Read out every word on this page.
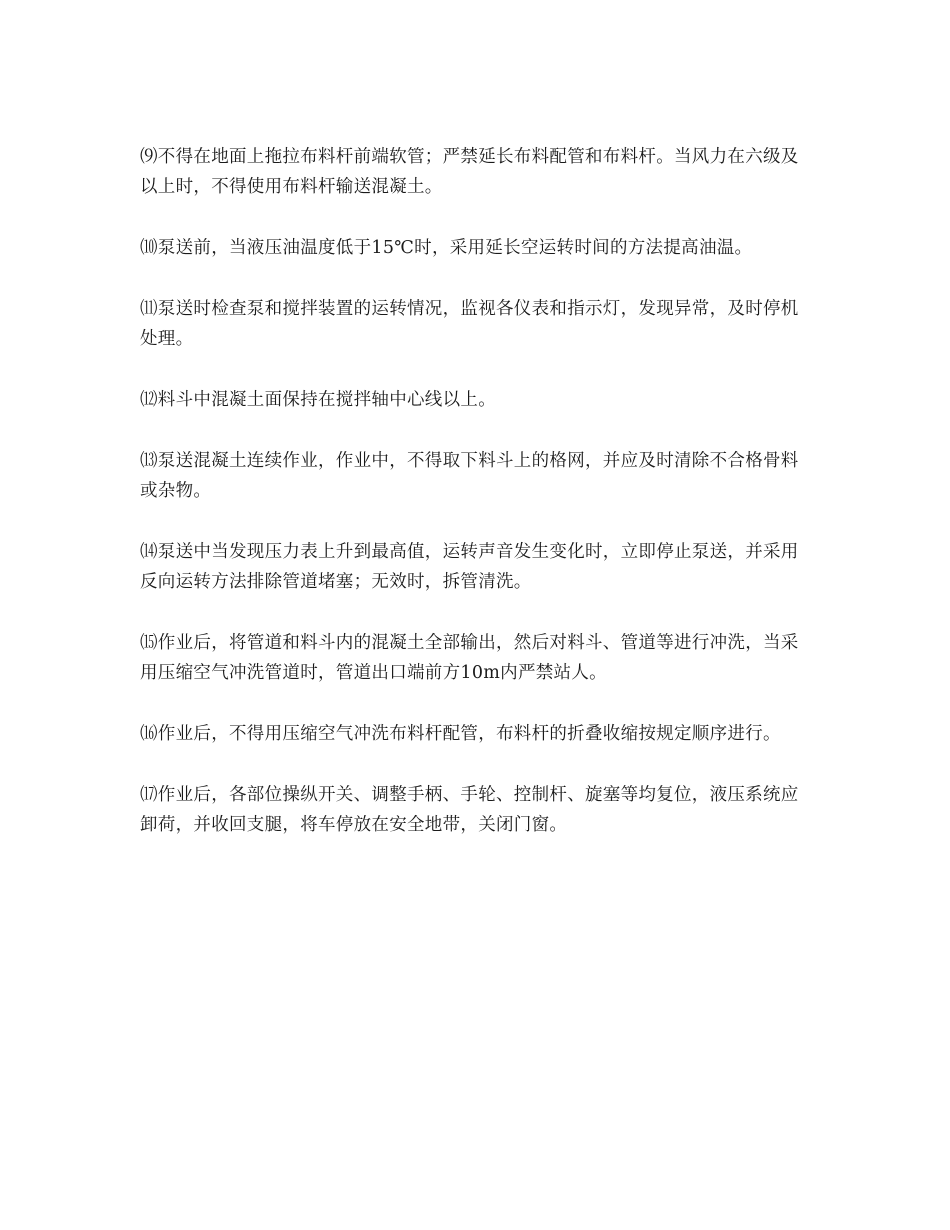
⑼不得在地面上拖拉布料杆前端软管；严禁延长布料配管和布料杆。当风力在六级及以上时，不得使用布料杆输送混凝土。

⑽泵送前，当液压油温度低于15℃时，采用延长空运转时间的方法提高油温。

⑾泵送时检查泵和搅拌装置的运转情况，监视各仪表和指示灯，发现异常，及时停机处理。

⑿料斗中混凝土面保持在搅拌轴中心线以上。

⒀泵送混凝土连续作业，作业中，不得取下料斗上的格网，并应及时清除不合格骨料或杂物。

⒁泵送中当发现压力表上升到最高值，运转声音发生变化时，立即停止泵送，并采用反向运转方法排除管道堵塞；无效时，拆管清洗。

⒂作业后，将管道和料斗内的混凝土全部输出，然后对料斗、管道等进行冲洗，当采用压缩空气冲洗管道时，管道出口端前方10m内严禁站人。

⒃作业后，不得用压缩空气冲洗布料杆配管，布料杆的折叠收缩按规定顺序进行。

⒄作业后，各部位操纵开关、调整手柄、手轮、控制杆、旋塞等均复位，液压系统应卸荷，并收回支腿，将车停放在安全地带，关闭门窗。
